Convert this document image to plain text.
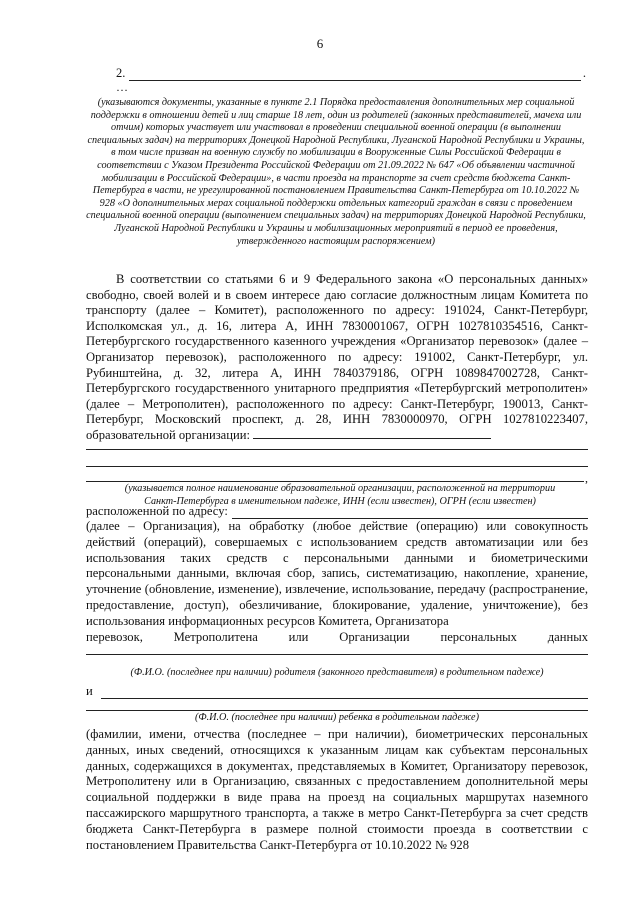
6
2.	.
…
(указываются документы, указанные в пункте 2.1 Порядка предоставления дополнительных мер социальной поддержки в отношении детей и лиц старше 18 лет, один из родителей (законных представителей, мачеха или отчим) которых участвует или участвовал в проведении специальной военной операции (в выполнении специальных задач) на территориях Донецкой Народной Республики, Луганской Народной Республики и Украины, в том числе призван на военную службу по мобилизации в Вооруженные Силы Российской Федерации в соответствии с Указом Президента Российской Федерации от 21.09.2022 № 647 «Об объявлении частичной мобилизации в Российской Федерации», в части проезда на транспорте за счет средств бюджета Санкт-Петербурга в части, не урегулированной постановлением Правительства Санкт-Петербурга от 10.10.2022 № 928 «О дополнительных мерах социальной поддержки отдельных категорий граждан в связи с проведением специальной военной операции (выполнением специальных задач) на территориях Донецкой Народной Республики, Луганской Народной Республики и Украины и мобилизационных мероприятий в период ее проведения, утвержденного настоящим распоряжением)

В соответствии со статьями 6 и 9 Федерального закона «О персональных данных» свободно, своей волей и в своем интересе даю согласие должностным лицам Комитета по транспорту (далее – Комитет), расположенного по адресу: 191024, Санкт-Петербург, Исполкомская ул., д. 16, литера А, ИНН 7830001067, ОГРН 1027810354516, Санкт-Петербургского государственного казенного учреждения «Организатор перевозок» (далее – Организатор перевозок), расположенного по адресу: 191002, Санкт-Петербург, ул. Рубинштейна, д. 32, литера А, ИНН 7840379186, ОГРН 1089847002728, Санкт-Петербургского государственного унитарного предприятия «Петербургский метрополитен» (далее – Метрополитен), расположенного по адресу: Санкт-Петербург, 190013, Санкт-Петербург, Московский проспект, д. 28, ИНН 7830000970, ОГРН 1027810223407, образовательной организации:

,
(указывается полное наименование образовательной организации, расположенной на территории Санкт-Петербурга в именительном падеже, ИНН (если известен), ОГРН (если известен)
расположенной по адресу:
(далее – Организация), на обработку (любое действие (операцию) или совокупность действий (операций), совершаемых с использованием средств автоматизации или без использования таких средств с персональными данными и биометрическими персональными данными, включая сбор, запись, систематизацию, накопление, хранение, уточнение (обновление, изменение), извлечение, использование, передачу (распространение, предоставление, доступ), обезличивание, блокирование, удаление, уничтожение), без использования информационных ресурсов Комитета, Организатора
перевозок, Метрополитена или Организации персональных данных
(Ф.И.О. (последнее при наличии) родителя (законного представителя) в родительном падеже)
и
(Ф.И.О. (последнее при наличии) ребенка в родительном падеже)
(фамилии, имени, отчества (последнее – при наличии), биометрических персональных данных, иных сведений, относящихся к указанным лицам как субъектам персональных данных, содержащихся в документах, представляемых в Комитет, Организатору перевозок, Метрополитену или в Организацию, связанных с предоставлением дополнительной меры социальной поддержки в виде права на проезд на социальных маршрутах наземного пассажирского маршрутного транспорта, а также в метро Санкт-Петербурга за счет средств бюджета Санкт-Петербурга в размере полной стоимости проезда в соответствии с постановлением Правительства Санкт-Петербурга от 10.10.2022 № 928
